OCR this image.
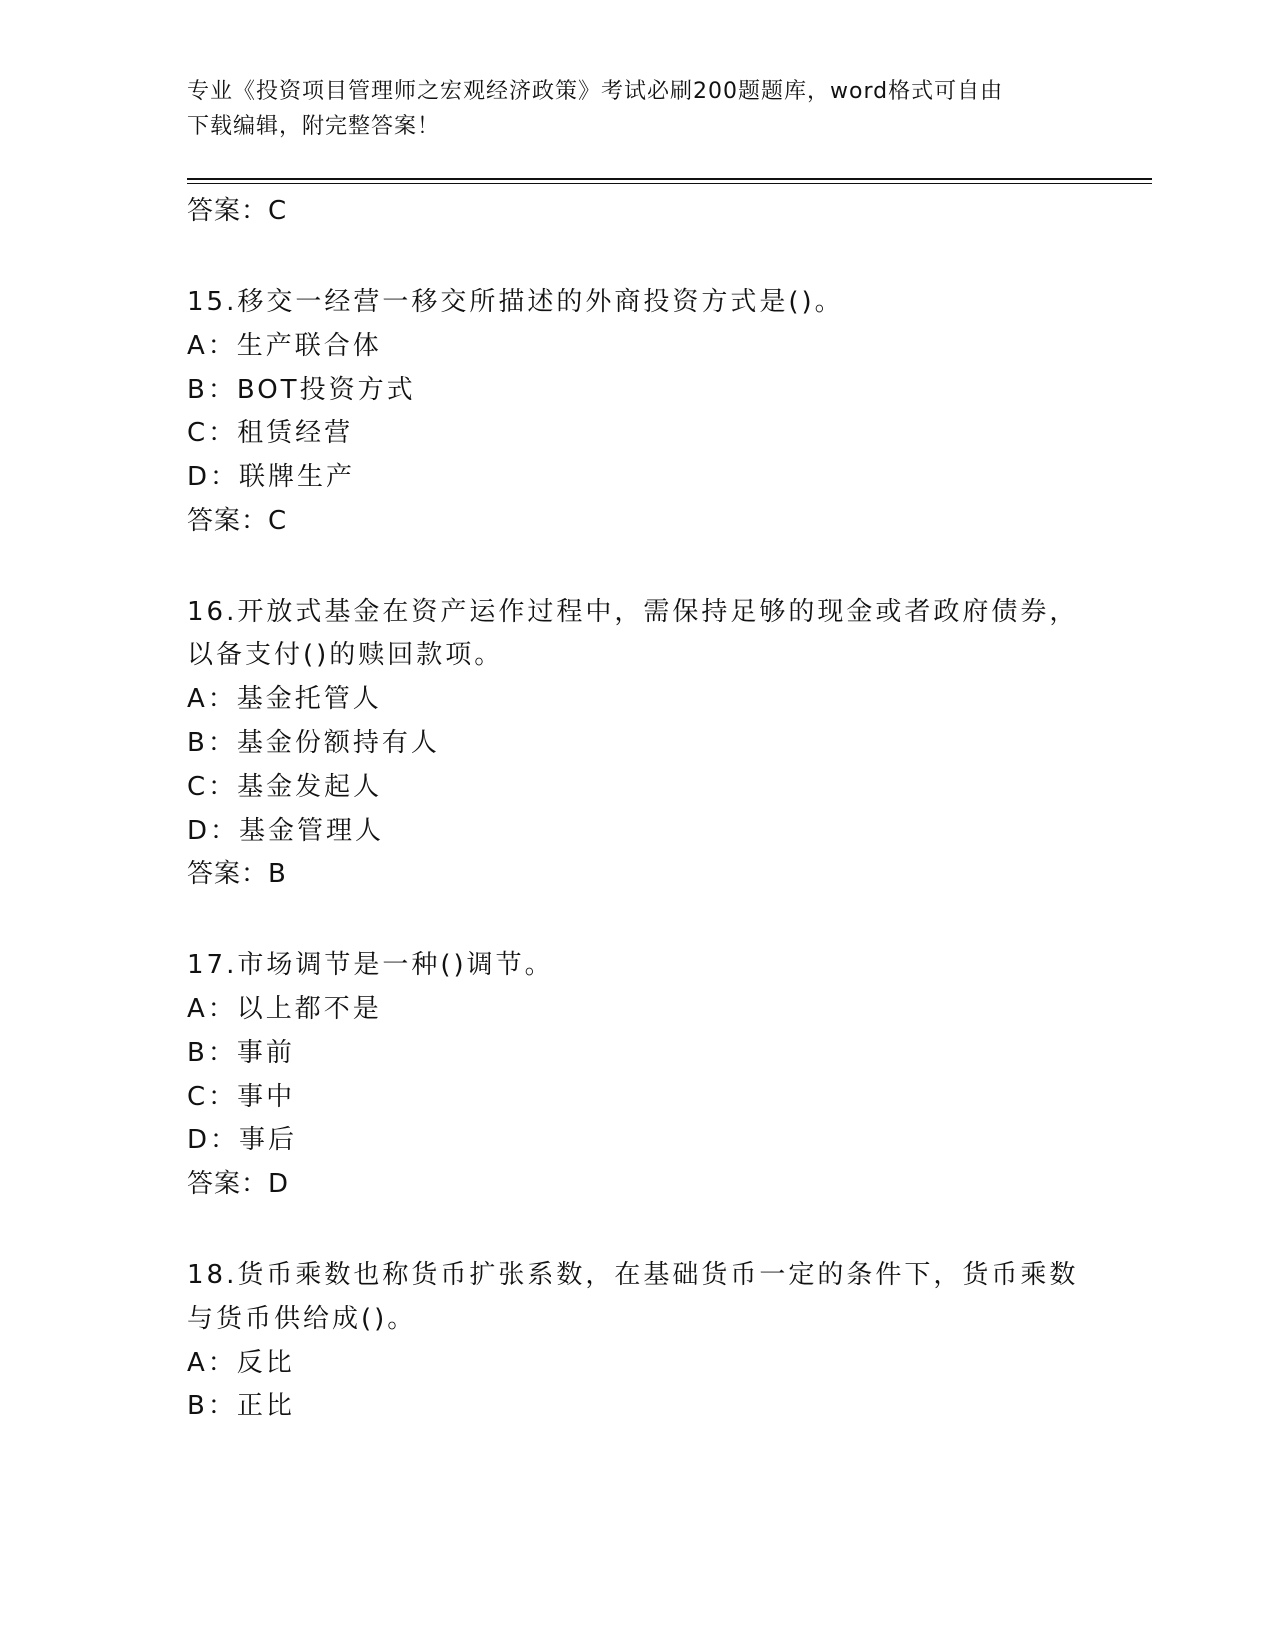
专业《投资项目管理师之宏观经济政策》考试必刷200题题库，word格式可自由
下载编辑，附完整答案！
答案：C
15.移交一经营一移交所描述的外商投资方式是()。
A：生产联合体
B：BOT投资方式
C：租赁经营
D：联牌生产
答案：C
16.开放式基金在资产运作过程中，需保持足够的现金或者政府债券，
以备支付()的赎回款项。
A：基金托管人
B：基金份额持有人
C：基金发起人
D：基金管理人
答案：B
17.市场调节是一种()调节。
A：以上都不是
B：事前
C：事中
D：事后
答案：D
18.货币乘数也称货币扩张系数，在基础货币一定的条件下，货币乘数
与货币供给成()。
A：反比
B：正比
